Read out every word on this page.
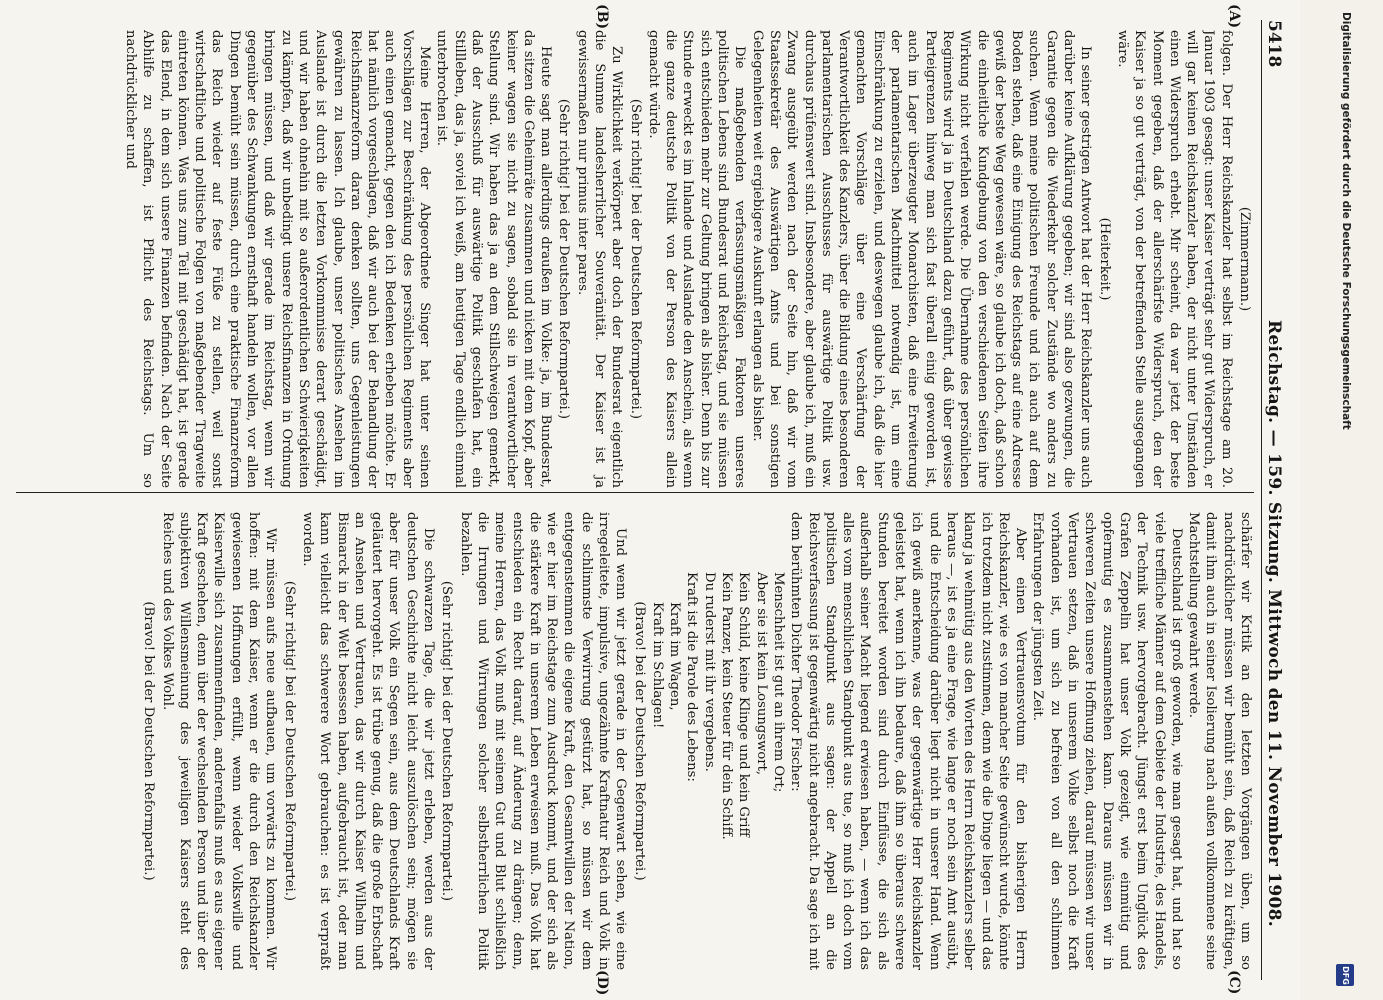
5418
Reichstag. — 159. Sitzung. Mittwoch den 11. November 1908.
(A)
(B)
(C)
(D)

(Zimmermann.)

folgen. Der Herr Reichskanzler hat selbst im Reichstage am 20. Januar 1903 gesagt: unser Kaiser verträgt sehr gut Widerspruch, er will gar keinen Reichskanzler haben, der nicht unter Umständen einen Widerspruch erhebt. Mir scheint, da war jetzt der beste Moment gegeben, daß der allerschärfste Widerspruch, den der Kaiser ja so gut verträgt, von der betreffenden Stelle ausgegangen wäre.

(Heiterkeit.)

In seiner gestrigen Antwort hat der Herr Reichskanzler uns auch darüber keine Aufklärung gegeben; wir sind also gezwungen, die Garantie gegen die Wiederkehr solcher Zustände wo anders zu suchen. Wenn meine politischen Freunde und ich auch auf dem Boden stehen, daß eine Einigung des Reichstags auf eine Adresse gewiß der beste Weg gewesen wäre, so glaube ich doch, daß schon die einheitliche Kundgebung von den verschiedenen Seiten ihre Wirkung nicht verfehlen werde. Die Übernahme des persönlichen Regiments wird ja in Deutschland dazu geführt, daß über gewisse Parteigrenzen hinweg man sich fast überall einig geworden ist, auch im Lager überzeugter Monarchisten, daß eine Erweiterung der parlamentarischen Machtmittel notwendig ist, um eine Einschränkung zu erzielen, und deswegen glaube ich, daß die hier gemachten Vorschläge über eine Verschärfung der Verantwortlichkeit des Kanzlers, über die Bildung eines besonderen parlamentarischen Ausschusses für auswärtige Politik usw. durchaus prüfenswert sind. Insbesondere, aber glaube ich, muß ein Zwang ausgeübt werden nach der Seite hin, daß wir vom Staatssekretär des Auswärtigen Amts und bei sonstigen Gelegenheiten weit ergiebigere Auskunft erlangen als bisher.

Die maßgebenden verfassungsmäßigen Faktoren unseres politischen Lebens sind Bundesrat und Reichstag, und sie müssen sich entschieden mehr zur Geltung bringen als bisher. Denn bis zur Stunde erweckt es im Inlande und Auslande den Anschein, als wenn die ganze deutsche Politik von der Person des Kaisers allein gemacht würde.

(Sehr richtig! bei der Deutschen Reformpartei.)

Zu Wirklichkeit verkörpert aber doch der Bundesrat eigentlich die Summe landesherrlicher Souveränität. Der Kaiser ist ja gewissermaßen nur primus inter pares.

(Sehr richtig! bei der Deutschen Reformpartei.)

Heute sagt man allerdings draußen im Volke: ja, im Bundesrat, da sitzen die Geheimräte zusammen und nicken mit dem Kopf, aber keiner wagen sie nicht zu sagen, sobald sie in verantwortlicher Stellung sind. Wir haben das ja an dem Stillschweigen gemerkt, daß der Ausschuß für auswärtige Politik geschlafen hat, ein Stillleben, das ja, soviel ich weiß, am heutigen Tage endlich einmal unterbrochen ist.

Meine Herren, der Abgeordnete Singer hat unter seinen Vorschlägen zur Beschränkung des persönlichen Regiments aber auch einen gemacht, gegen den ich Bedenken erheben möchte. Er hat nämlich vorgeschlagen, daß wir auch bei der Behandlung der Reichsfinanzreform daran denken sollten, uns Gegenleistungen gewähren zu lassen. Ich glaube, unser politisches Ansehen im Auslande ist durch die letzten Vorkommnisse derart geschädigt, und wir haben ohnehin mit so außerordentlichen Schwierigkeiten zu kämpfen, daß wir unbedingt unsere Reichsfinanzen in Ordnung bringen müssen, und daß wir gerade im Reichstag, wenn wir gegenüber des Schwankungen ernsthaft handeln wollen, vor allen Dingen bemüht sein müssen, durch eine praktische Finanzreform das Reich wieder auf feste Füße zu stellen, weil sonst wirtschaftliche und politische Folgen von maßgebender Tragweite eintreten können. Was uns zum Teil mit geschädigt hat, ist gerade das Elend, in dem sich unsere Finanzen befinden. Nach der Seite Abhilfe zu schaffen, ist Pflicht des Reichstags. Um so nachdrücklicher und

schärfer wir Kritik an den letzten Vorgängen üben, um so nachdrücklicher müssen wir bemüht sein, daß Reich zu kräftigen, damit ihm auch in seiner Isolierung nach außen vollkommene seine Machtstellung gewahrt werde.

Deutschland ist groß geworden, wie man gesagt hat, und hat so viele treffliche Männer auf dem Gebiete der Industrie, des Handels, der Technik usw. hervorgebracht. Jüngst erst beim Unglück des Grafen Zeppelin hat unser Volk gezeigt, wie einmütig und opfermutig es zusammenstehen kann. Daraus müssen wir in schweren Zeiten unsere Hoffnung ziehen, darauf müssen wir unser Vertrauen setzen, daß in unserem Volke selbst noch die Kraft vorhanden ist, um sich zu befreien von all den schlimmen Erfahrungen der jüngsten Zeit.

Aber einen Vertrauensvotum für den bisherigen Herrn Reichskanzler, wie es von mancher Seite gewünscht wurde, könnte ich trotzdem nicht zustimmen, denn wie die Dinge liegen — und das klang ja wehmütig aus den Worten des Herrn Reichskanzlers selber heraus —, ist es ja eine Frage, wie lange er noch sein Amt ausübt, und die Entscheidung darüber liegt nicht in unserer Hand. Wenn ich gewiß anerkenne, was der gegenwärtige Herr Reichskanzler geleistet hat, wenn ich ihn bedaure, daß ihm so überaus schwere Stunden bereitet worden sind durch Einflüsse, die sich als außerhalb seiner Macht liegend erwiesen haben, — wenn ich das alles vom menschlichen Standpunkt aus tue, so muß ich doch vom politischen Standpunkt aus sagen: der Appell an die Reichsverfassung ist gegenwärtig nicht angebracht. Da sage ich mit dem berühmten Dichter Theodor Fischer:

Menschheit ist gut an ihrem Ort;

Aber sie ist kein Losungswort,

Kein Schild, keine Klinge und kein Griff

Kein Panzer, kein Steuer für dein Schiff.

Du ruderst mit ihr vergebens.

Kraft ist die Parole des Lebens:

Kraft im Wagen,

Kraft im Schlagen!

(Bravo! bei der Deutschen Reformpartei.)

Und wenn wir jetzt gerade in der Gegenwart sehen, wie eine irregeleitete, impulsive, ungezähmte Kraftnatur Reich und Volk in die schlimmste Verwirrung gestürzt hat, so müssen wir dem entgegenstemmen die eigene Kraft, den Gesamtwillen der Nation, wie er hier im Reichstage zum Ausdruck kommt, und der sich als die stärkere Kraft in unserem Leben erweisen muß. Das Volk hat entschieden ein Recht darauf, auf Änderung zu drängen; denn, meine Herren, das Volk muß mit seinem Gut und Blut schließlich die Irrungen und Wirrungen solcher selbstherrlichen Politik bezahlen.

(Sehr richtig! bei der Deutschen Reformpartei.)

Die schwarzen Tage, die wir jetzt erleben, werden aus der deutschen Geschichte nicht leicht auszulöschen sein; mögen sie aber für unser Volk ein Segen sein, aus dem Deutschlands Kraft geläutert hervorgeht. Es ist trübe genug, daß die große Erbschaft an Ansehen und Vertrauen, das wir durch Kaiser Wilhelm und Bismarck in der Welt besessen haben, aufgebraucht ist, oder man kann vielleicht das schwerere Wort gebrauchen: es ist verpraßt worden.

(Sehr richtig! bei der Deutschen Reformpartei.)

Wir müssen aufs neue aufbauen, um vorwärts zu kommen. Wir hoffen: mit dem Kaiser, wenn er die durch den Reichskanzler gewiesenen Hoffnungen erfüllt, wenn wieder Volkswille und Kaiserwille sich zusammenfinden, anderenfalls muß es aus eigener Kraft geschehen, denn über der wechselnden Person und über der subjektiven Willensmeinung des jeweiligen Kaisers steht des Reiches und des Volkes Wohl.

(Bravo! bei der Deutschen Reformpartei.)

Digitalisierung gefördert durch die Deutsche Forschungsgemeinschaft
DFG
